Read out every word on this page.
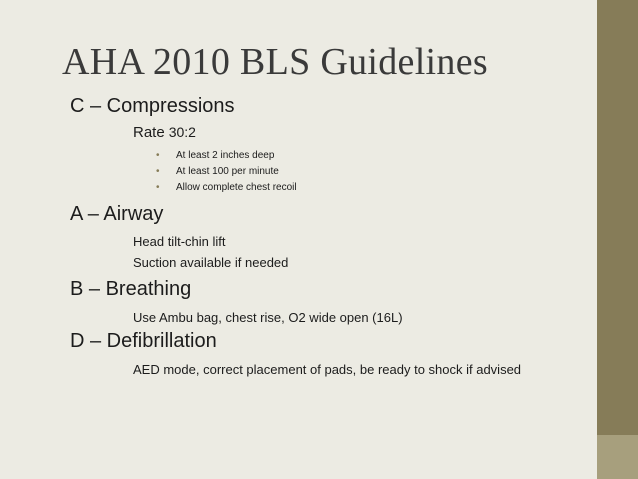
AHA 2010 BLS Guidelines
C – Compressions
Rate 30:2
• At least 2 inches deep
• At least 100 per minute
• Allow complete chest recoil
A – Airway
Head tilt-chin lift
Suction available if needed
B – Breathing
Use Ambu bag, chest rise, O2 wide open (16L)
D – Defibrillation
AED mode, correct placement of pads, be ready to shock if advised
